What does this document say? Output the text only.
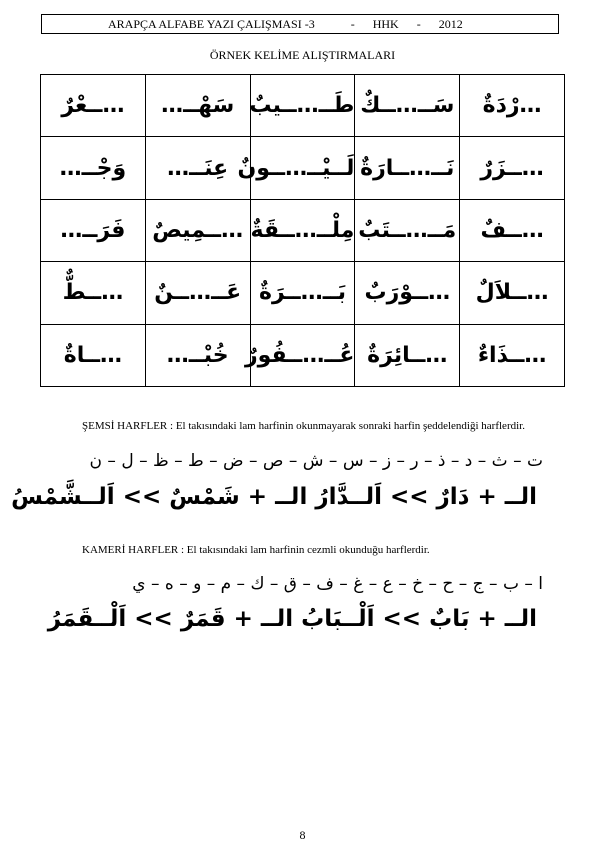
ARAPÇA ALFABE YAZI ÇALIŞMASI -3
	-
HHK
-
2012
ÖRNEK KELİME ALIŞTIRMALARI
…ــعْرٌ	سَهْــ…	طَــ…ــيبٌ	سَــ…ــكٌ	…رْدَةٌ
وَجْــ…	عِنَــ…	لَــيْــ…ــونٌ	نَــ…ــارَةٌ	…ــزَرٌ
فَرَــ…	…ــمِيصٌ	مِلْــ…ــقَةٌ	مَــ…ــتَبٌ	…ــفٌ
…ــطٌّ	عَــ…ــنٌ	بَــ…ــرَةٌ	…ــوْرَبٌ	…ــلاَلٌ
…ــاةٌ	خُبْــ…	عُــ…ــفُورٌ	…ــائِرَةٌ	…ــذَاءٌ
ŞEMSİ HARFLER : El takısındaki lam harfinin okunmayarak sonraki harfin şeddelendiği harflerdir.
ت – ث – د – ذ – ر – ز – س – ش – ص – ض – ط – ظ – ل – ن
الــ + دَارٌ >> اَلــدَّارُ الــ + شَمْسٌ >> اَلــشَّمْسُ
KAMERİ HARFLER : El takısındaki lam harfinin cezmli okunduğu harflerdir.
ا – ب – ج – ح – خ – ع – غ – ف – ق – ك – م – و – ه – ي
الــ + بَابٌ >> اَلْــبَابُ الــ + قَمَرٌ >> اَلْــقَمَرُ
8
